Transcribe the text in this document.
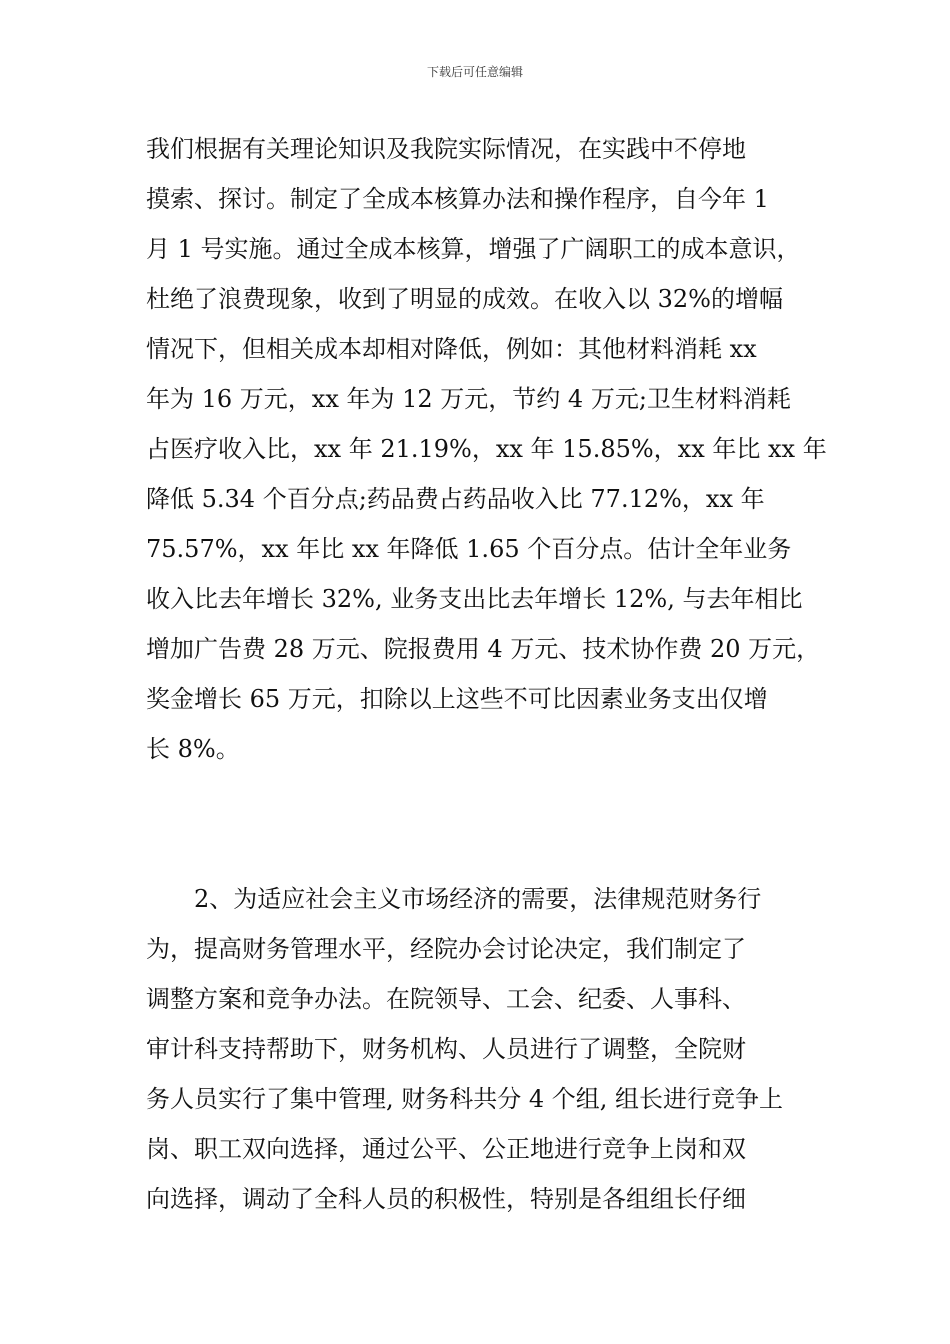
下载后可任意编辑
我们根据有关理论知识及我院实际情况，在实践中不停地
摸索、探讨。制定了全成本核算办法和操作程序，自今年 1
月 1 号实施。通过全成本核算，增强了广阔职工的成本意识，
杜绝了浪费现象，收到了明显的成效。在收入以 32%的增幅
情况下，但相关成本却相对降低，例如：其他材料消耗 xx
年为 16 万元，xx 年为 12 万元，节约 4 万元;卫生材料消耗
占医疗收入比，xx 年 21.19%，xx 年 15.85%，xx 年比 xx 年
降低 5.34 个百分点;药品费占药品收入比 77.12%，xx 年
75.57%，xx 年比 xx 年降低 1.65 个百分点。估计全年业务
收入比去年增长 32%, 业务支出比去年增长 12%, 与去年相比
增加广告费 28 万元、院报费用 4 万元、技术协作费 20 万元，
奖金增长 65 万元，扣除以上这些不可比因素业务支出仅增
长 8%。
2、为适应社会主义市场经济的需要，法律规范财务行
为，提高财务管理水平，经院办会讨论决定，我们制定了
调整方案和竞争办法。在院领导、工会、纪委、人事科、
审计科支持帮助下，财务机构、人员进行了调整，全院财
务人员实行了集中管理, 财务科共分 4 个组, 组长进行竞争上
岗、职工双向选择，通过公平、公正地进行竞争上岗和双
向选择，调动了全科人员的积极性，特别是各组组长仔细
